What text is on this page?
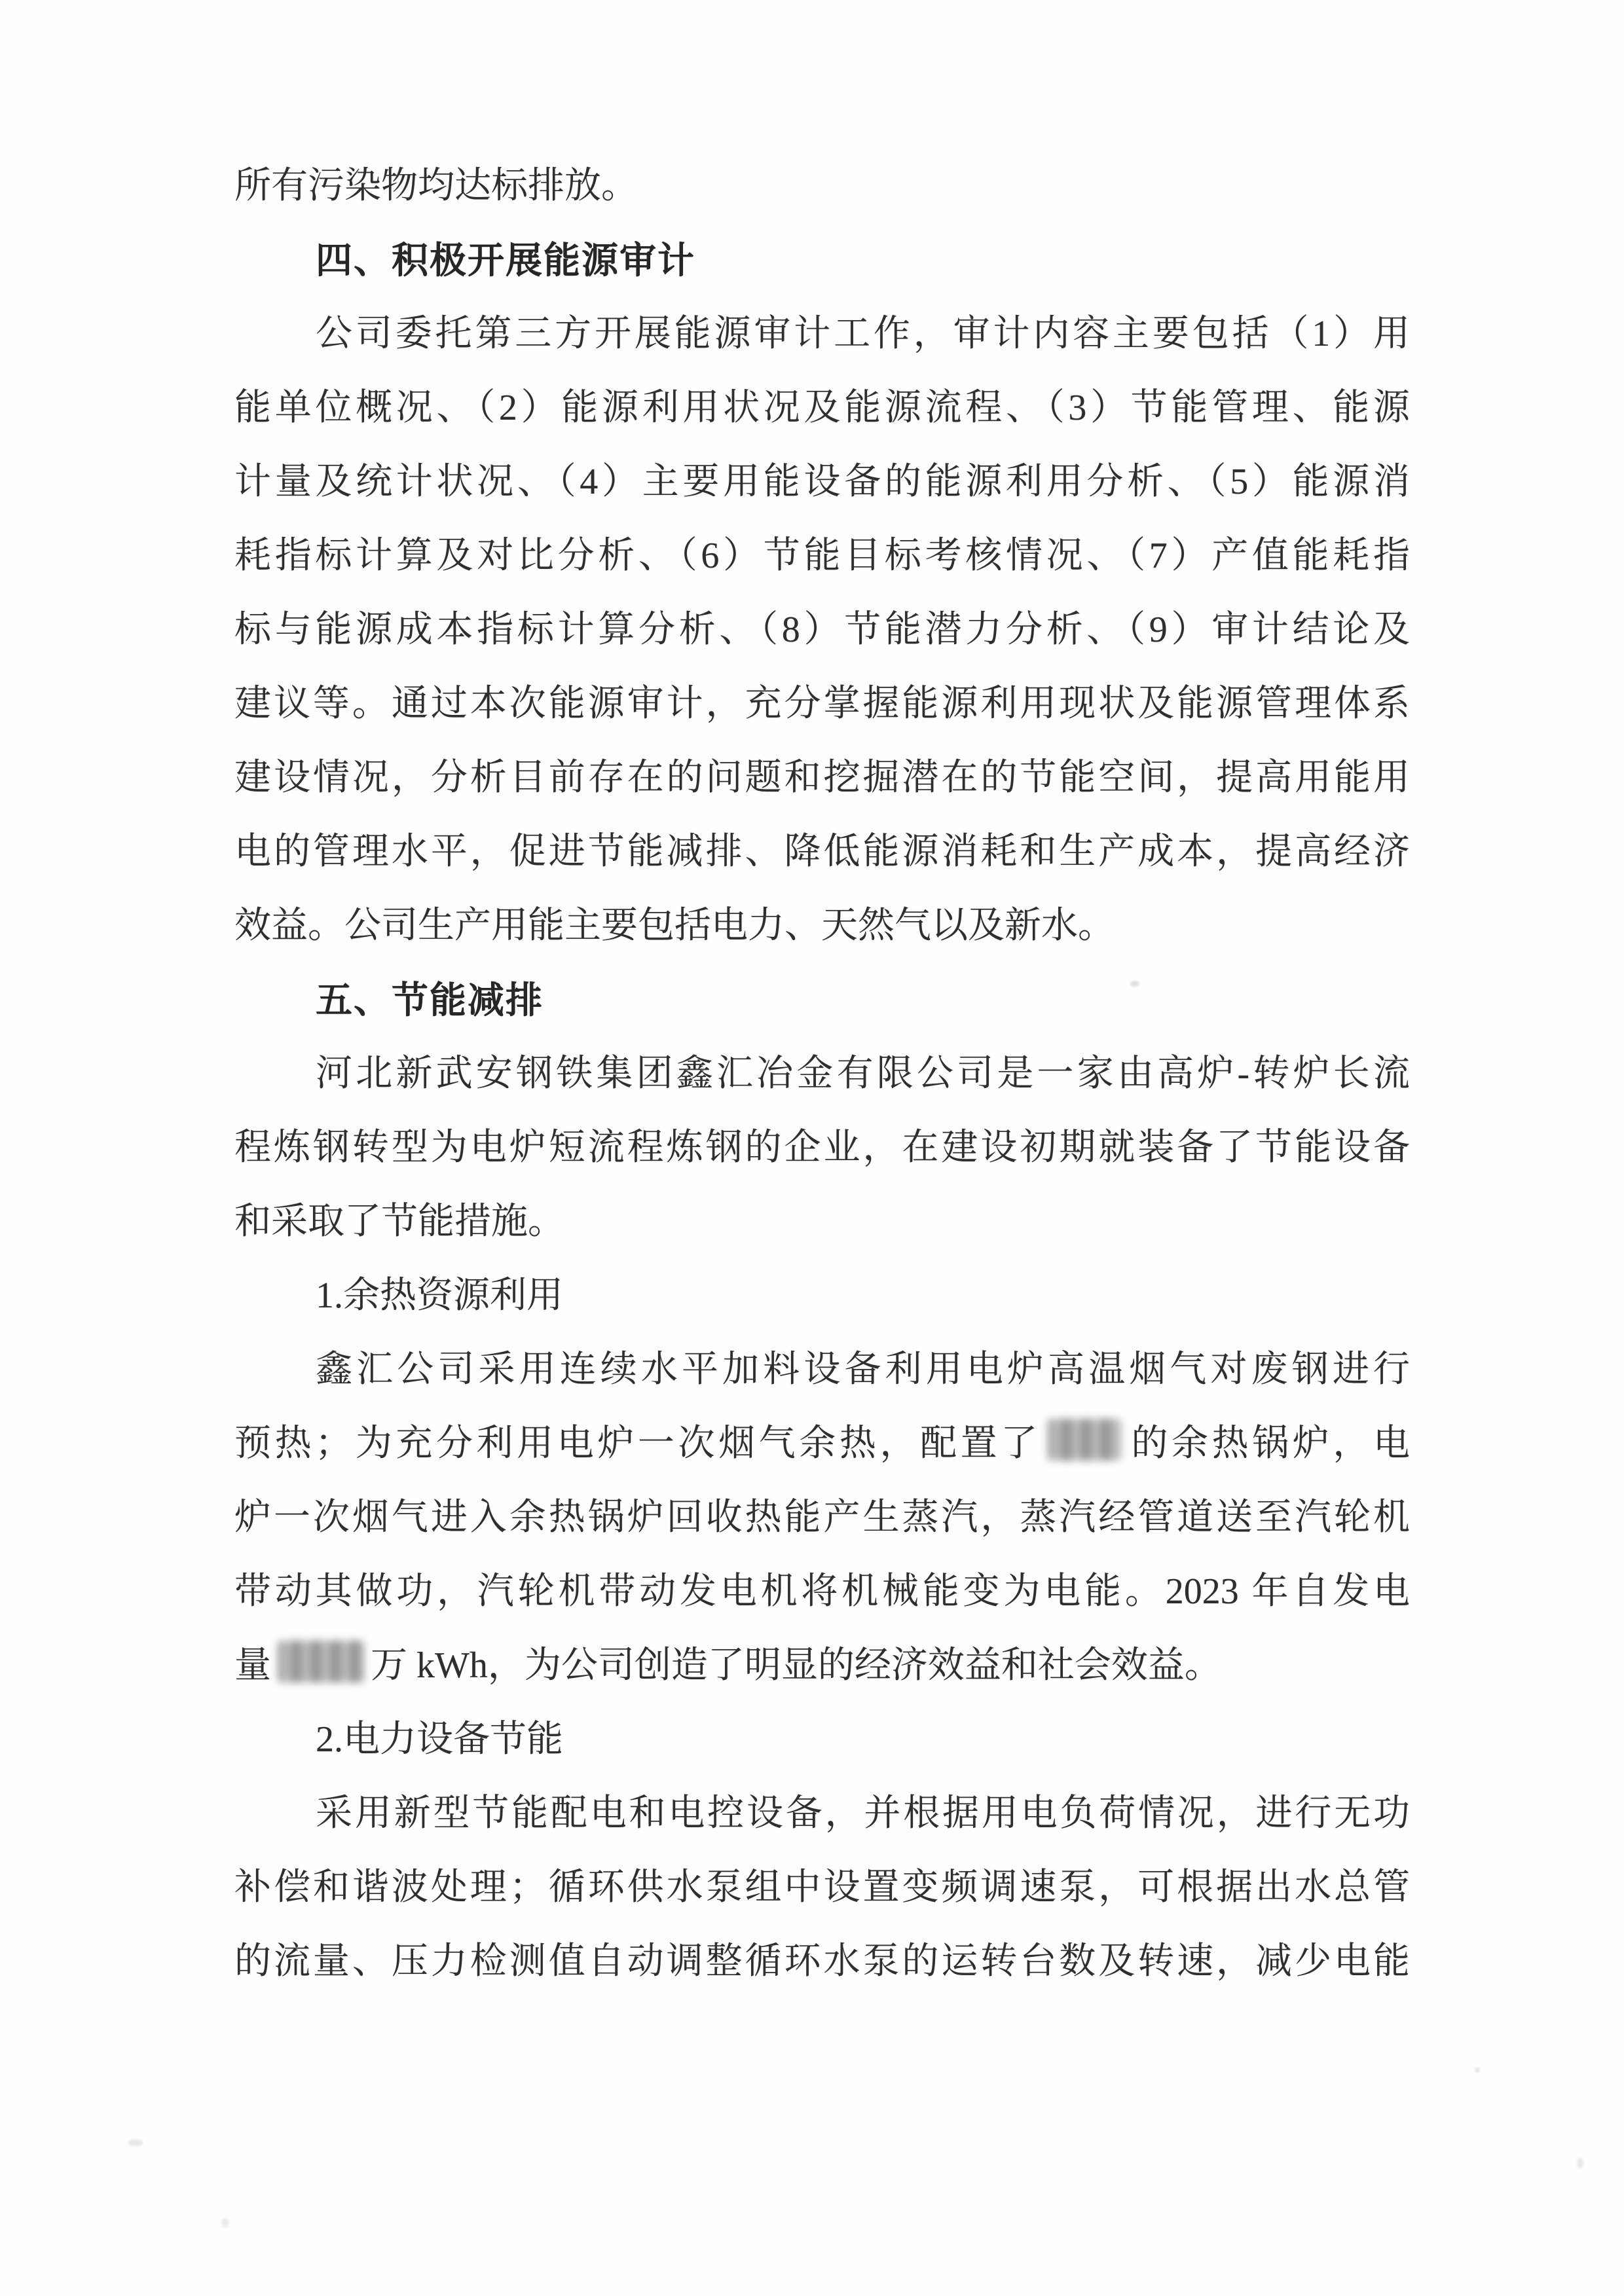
所有污染物均达标排放。
四、积极开展能源审计
公司委托第三方开展能源审计工作，审计内容主要包括（1）用
能单位概况、（2）能源利用状况及能源流程、（3）节能管理、能源
计量及统计状况、（4）主要用能设备的能源利用分析、（5）能源消
耗指标计算及对比分析、（6）节能目标考核情况、（7）产值能耗指
标与能源成本指标计算分析、（8）节能潜力分析、（9）审计结论及
建议等。通过本次能源审计，充分掌握能源利用现状及能源管理体系
建设情况，分析目前存在的问题和挖掘潜在的节能空间，提高用能用
电的管理水平，促进节能减排、降低能源消耗和生产成本，提高经济
效益。公司生产用能主要包括电力、天然气以及新水。
五、节能减排
河北新武安钢铁集团鑫汇冶金有限公司是一家由高炉-转炉长流
程炼钢转型为电炉短流程炼钢的企业，在建设初期就装备了节能设备
和采取了节能措施。
1.余热资源利用
鑫汇公司采用连续水平加料设备利用电炉高温烟气对废钢进行
预热；为充分利用电炉一次烟气余热，配置了 的余热锅炉，电
炉一次烟气进入余热锅炉回收热能产生蒸汽，蒸汽经管道送至汽轮机
带动其做功，汽轮机带动发电机将机械能变为电能。2023 年自发电
量	万 kWh，为公司创造了明显的经济效益和社会效益。
2.电力设备节能
采用新型节能配电和电控设备，并根据用电负荷情况，进行无功
补偿和谐波处理；循环供水泵组中设置变频调速泵，可根据出水总管
的流量、压力检测值自动调整循环水泵的运转台数及转速，减少电能
